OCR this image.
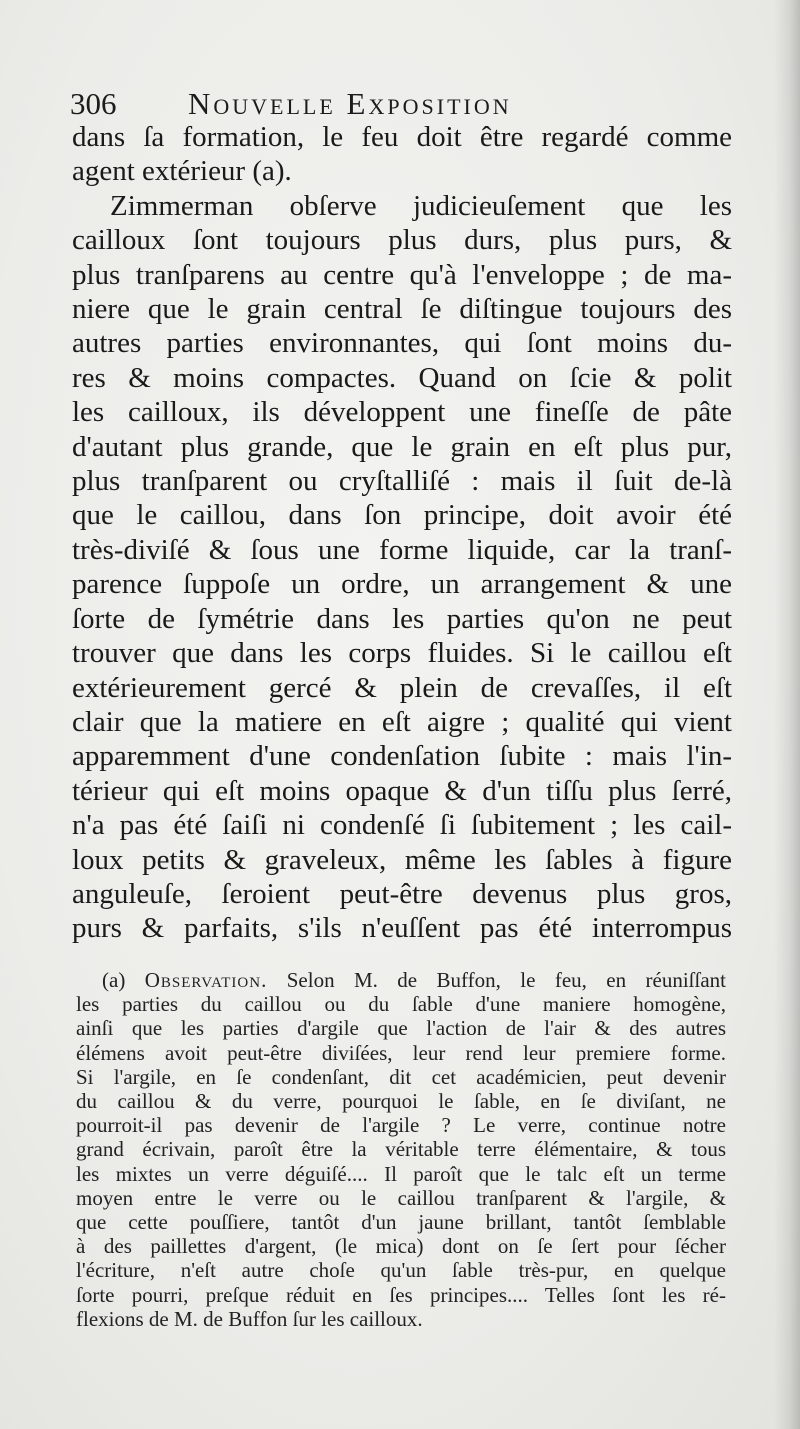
306 Nouvelle Exposition
dans ſa formation, le feu doit être regardé comme
agent extérieur (a).
Zimmerman obſerve judicieuſement que les
cailloux ſont toujours plus durs, plus purs, &
plus tranſparens au centre qu'à l'enveloppe ; de ma-
niere que le grain central ſe diſtingue toujours des
autres parties environnantes, qui ſont moins du-
res & moins compactes. Quand on ſcie & polit
les cailloux, ils développent une fineſſe de pâte
d'autant plus grande, que le grain en eſt plus pur,
plus tranſparent ou cryſtalliſé : mais il ſuit de-là
que le caillou, dans ſon principe, doit avoir été
très-diviſé & ſous une forme liquide, car la tranſ-
parence ſuppoſe un ordre, un arrangement & une
ſorte de ſymétrie dans les parties qu'on ne peut
trouver que dans les corps fluides. Si le caillou eſt
extérieurement gercé & plein de crevaſſes, il eſt
clair que la matiere en eſt aigre ; qualité qui vient
apparemment d'une condenſation ſubite : mais l'in-
térieur qui eſt moins opaque & d'un tiſſu plus ſerré,
n'a pas été ſaiſi ni condenſé ſi ſubitement ; les cail-
loux petits & graveleux, même les ſables à figure
anguleuſe, ſeroient peut-être devenus plus gros,
purs & parfaits, s'ils n'euſſent pas été interrompus
(a) Observation. Selon M. de Buffon, le feu, en réuniſſant
les parties du caillou ou du ſable d'une maniere homogène,
ainſi que les parties d'argile que l'action de l'air & des autres
élémens avoit peut-être diviſées, leur rend leur premiere forme.
Si l'argile, en ſe condenſant, dit cet académicien, peut devenir
du caillou & du verre, pourquoi le ſable, en ſe diviſant, ne
pourroit-il pas devenir de l'argile ? Le verre, continue notre
grand écrivain, paroît être la véritable terre élémentaire, & tous
les mixtes un verre déguiſé.... Il paroît que le talc eſt un terme
moyen entre le verre ou le caillou tranſparent & l'argile, &
que cette pouſſiere, tantôt d'un jaune brillant, tantôt ſemblable
à des paillettes d'argent, (le mica) dont on ſe ſert pour ſécher
l'écriture, n'eſt autre choſe qu'un ſable très-pur, en quelque
ſorte pourri, preſque réduit en ſes principes.... Telles ſont les ré-
flexions de M. de Buffon ſur les cailloux.
